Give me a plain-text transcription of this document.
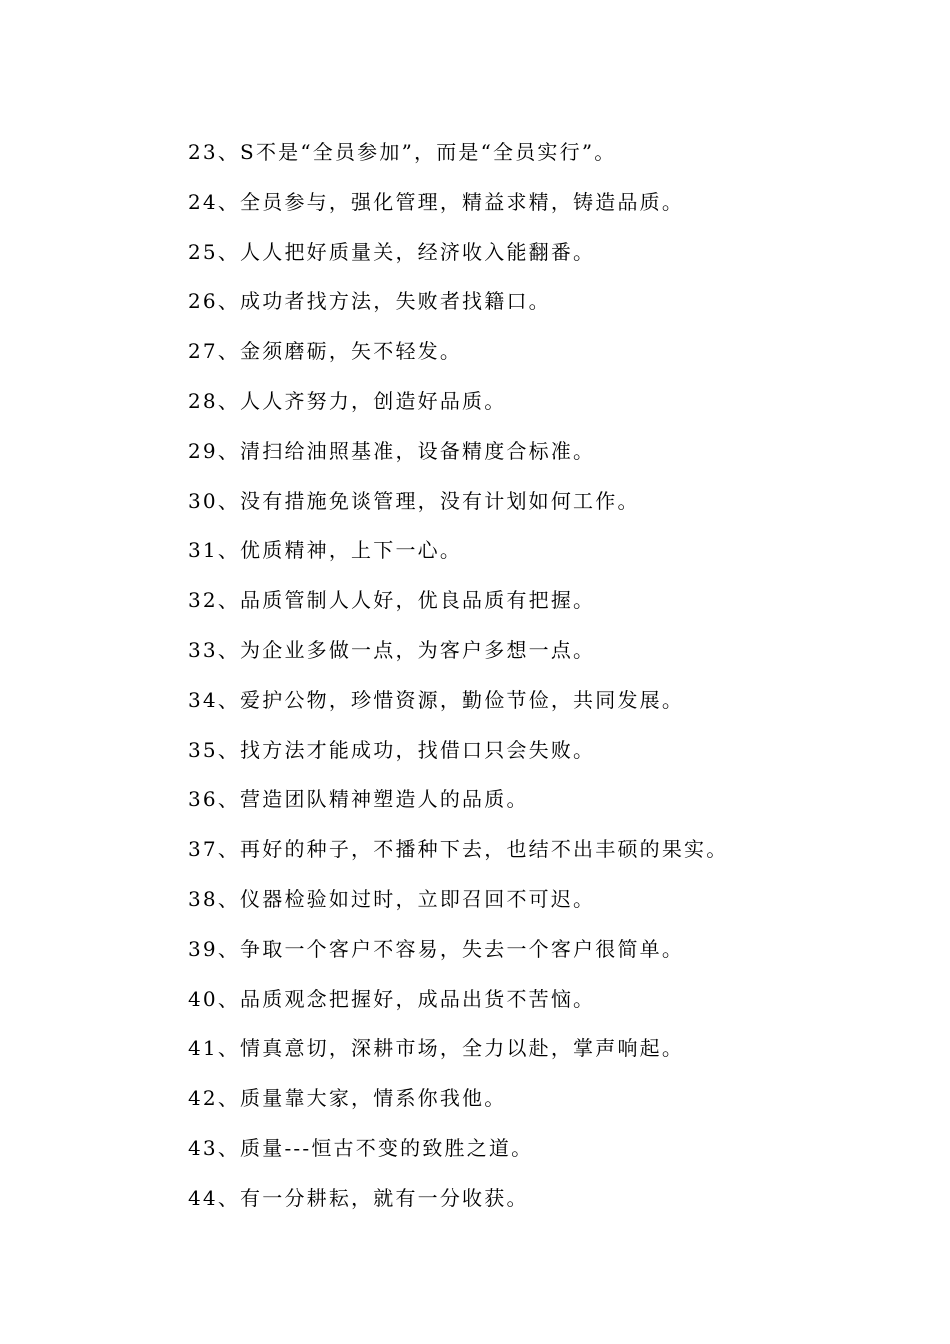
23、S不是“全员参加”，而是“全员实行”。
24、全员参与，强化管理，精益求精，铸造品质。
25、人人把好质量关，经济收入能翻番。
26、成功者找方法，失败者找籍口。
27、金须磨砺，矢不轻发。
28、人人齐努力，创造好品质。
29、清扫给油照基准，设备精度合标准。
30、没有措施免谈管理，没有计划如何工作。
31、优质精神，上下一心。
32、品质管制人人好，优良品质有把握。
33、为企业多做一点，为客户多想一点。
34、爱护公物，珍惜资源，勤俭节俭，共同发展。
35、找方法才能成功，找借口只会失败。
36、营造团队精神塑造人的品质。
37、再好的种子，不播种下去，也结不出丰硕的果实。
38、仪器检验如过时，立即召回不可迟。
39、争取一个客户不容易，失去一个客户很简单。
40、品质观念把握好，成品出货不苦恼。
41、情真意切，深耕市场，全力以赴，掌声响起。
42、质量靠大家，情系你我他。
43、质量---恒古不变的致胜之道。
44、有一分耕耘，就有一分收获。
